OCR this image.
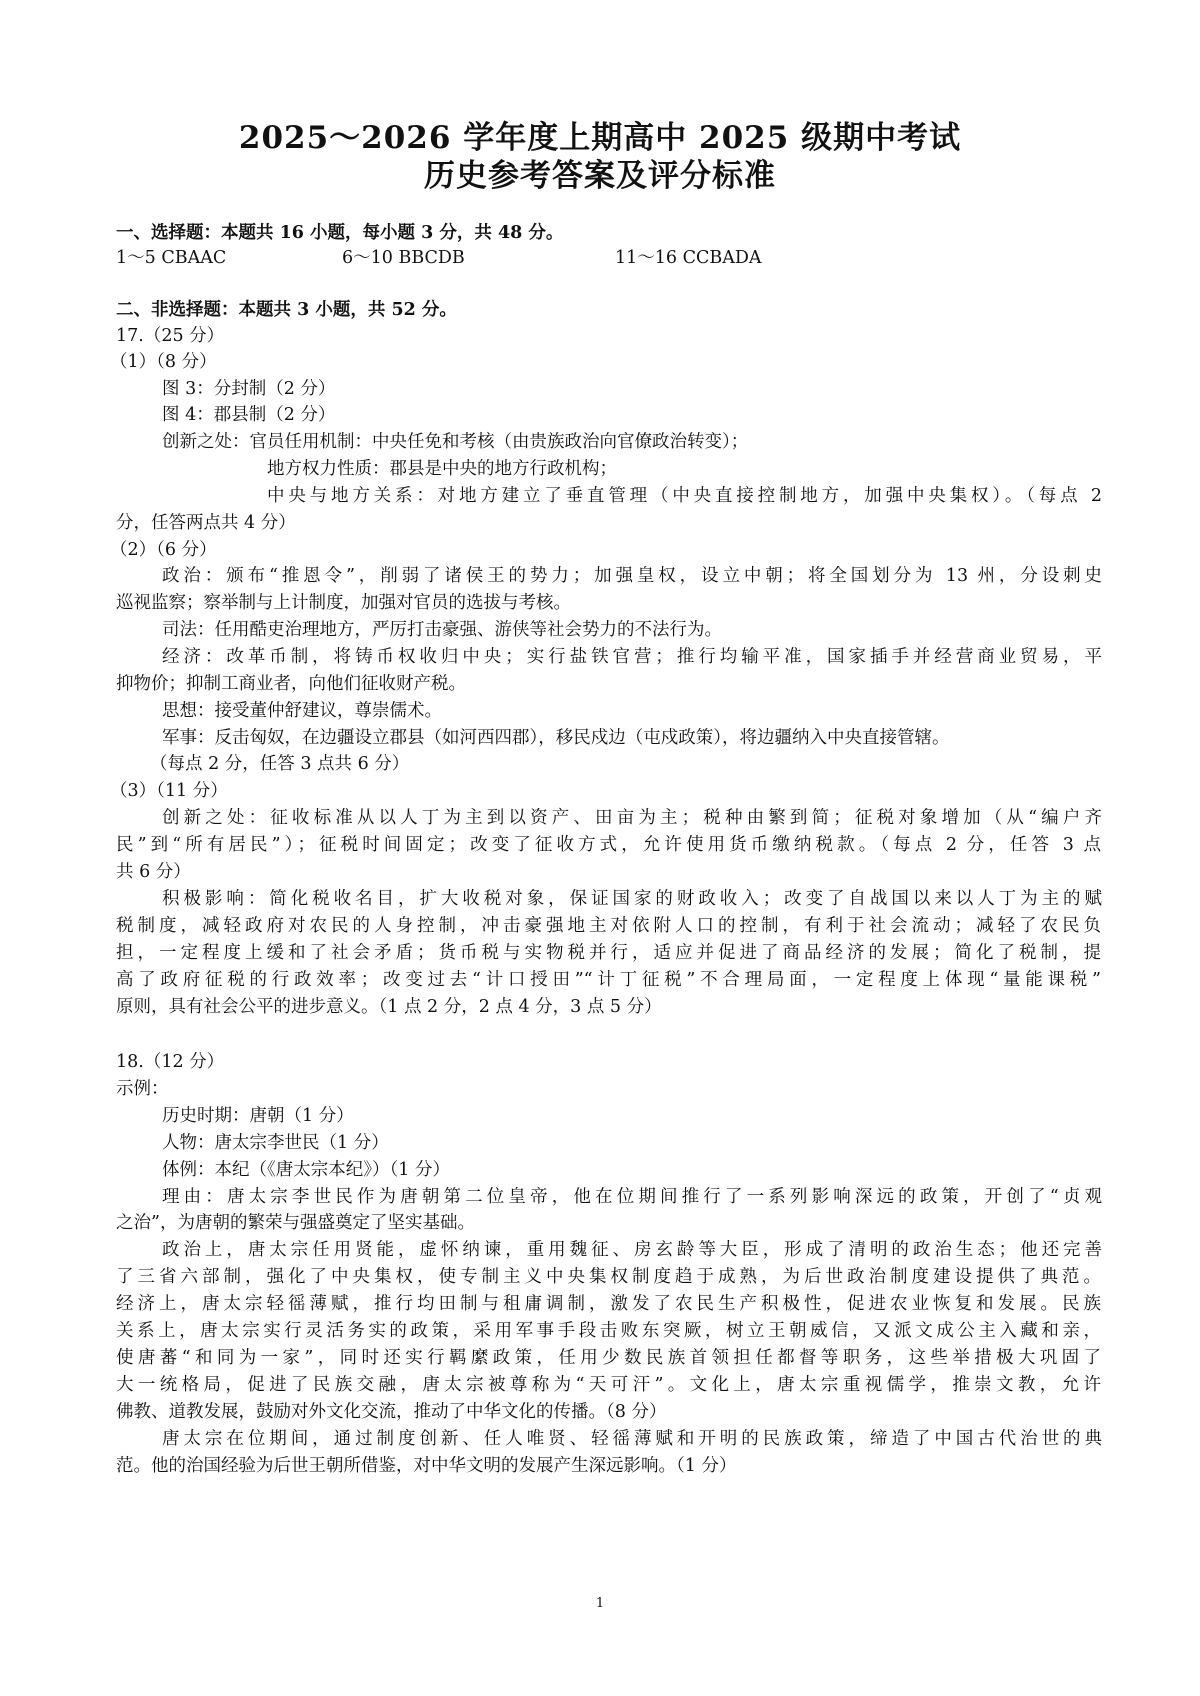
2025～2026 学年度上期高中 2025 级期中考试
历史参考答案及评分标准
一、选择题：本题共 16 小题，每小题 3 分，共 48 分。
1～5 CBAAC	6～10 BBCDB	11～16 CCBADA
二、非选择题：本题共 3 小题，共 52 分。
17.（25 分）
（1）（8 分）
图 3：分封制（2 分）
图 4：郡县制（2 分）
创新之处：官员任用机制：中央任免和考核（由贵族政治向官僚政治转变）；
地方权力性质：郡县是中央的地方行政机构；
中央与地方关系：对地方建立了垂直管理（中央直接控制地方，加强中央集权）。（每点 2
分，任答两点共 4 分）
（2）（6 分）
政治：颁布“推恩令”，削弱了诸侯王的势力；加强皇权，设立中朝；将全国划分为 13 州，分设刺史
巡视监察；察举制与上计制度，加强对官员的选拔与考核。
司法：任用酷吏治理地方，严厉打击豪强、游侠等社会势力的不法行为。
经济：改革币制，将铸币权收归中央；实行盐铁官营；推行均输平准，国家插手并经营商业贸易，平
抑物价；抑制工商业者，向他们征收财产税。
思想：接受董仲舒建议，尊崇儒术。
军事：反击匈奴，在边疆设立郡县（如河西四郡），移民戍边（屯戍政策），将边疆纳入中央直接管辖。
（每点 2 分，任答 3 点共 6 分）
（3）（11 分）
创新之处：征收标准从以人丁为主到以资产、田亩为主；税种由繁到简；征税对象增加（从“编户齐
民”到“所有居民”）；征税时间固定；改变了征收方式，允许使用货币缴纳税款。（每点 2 分，任答 3 点
共 6 分）
积极影响：简化税收名目，扩大收税对象，保证国家的财政收入；改变了自战国以来以人丁为主的赋
税制度，减轻政府对农民的人身控制，冲击豪强地主对依附人口的控制，有利于社会流动；减轻了农民负
担，一定程度上缓和了社会矛盾；货币税与实物税并行，适应并促进了商品经济的发展；简化了税制，提
高了政府征税的行政效率；改变过去“计口授田”“计丁征税”不合理局面，一定程度上体现“量能课税”
原则，具有社会公平的进步意义。（1 点 2 分，2 点 4 分，3 点 5 分）
18.（12 分）
示例：
历史时期：唐朝（1 分）
人物：唐太宗李世民（1 分）
体例：本纪（《唐太宗本纪》）（1 分）
理由：唐太宗李世民作为唐朝第二位皇帝，他在位期间推行了一系列影响深远的政策，开创了“贞观
之治”，为唐朝的繁荣与强盛奠定了坚实基础。
政治上，唐太宗任用贤能，虚怀纳谏，重用魏征、房玄龄等大臣，形成了清明的政治生态；他还完善
了三省六部制，强化了中央集权，使专制主义中央集权制度趋于成熟，为后世政治制度建设提供了典范。
经济上，唐太宗轻徭薄赋，推行均田制与租庸调制，激发了农民生产积极性，促进农业恢复和发展。民族
关系上，唐太宗实行灵活务实的政策，采用军事手段击败东突厥，树立王朝威信，又派文成公主入藏和亲，
使唐蕃“和同为一家”，同时还实行羁縻政策，任用少数民族首领担任都督等职务，这些举措极大巩固了
大一统格局，促进了民族交融，唐太宗被尊称为“天可汗”。文化上，唐太宗重视儒学，推崇文教，允许
佛教、道教发展，鼓励对外文化交流，推动了中华文化的传播。（8 分）
唐太宗在位期间，通过制度创新、任人唯贤、轻徭薄赋和开明的民族政策，缔造了中国古代治世的典
范。他的治国经验为后世王朝所借鉴，对中华文明的发展产生深远影响。（1 分）
1
